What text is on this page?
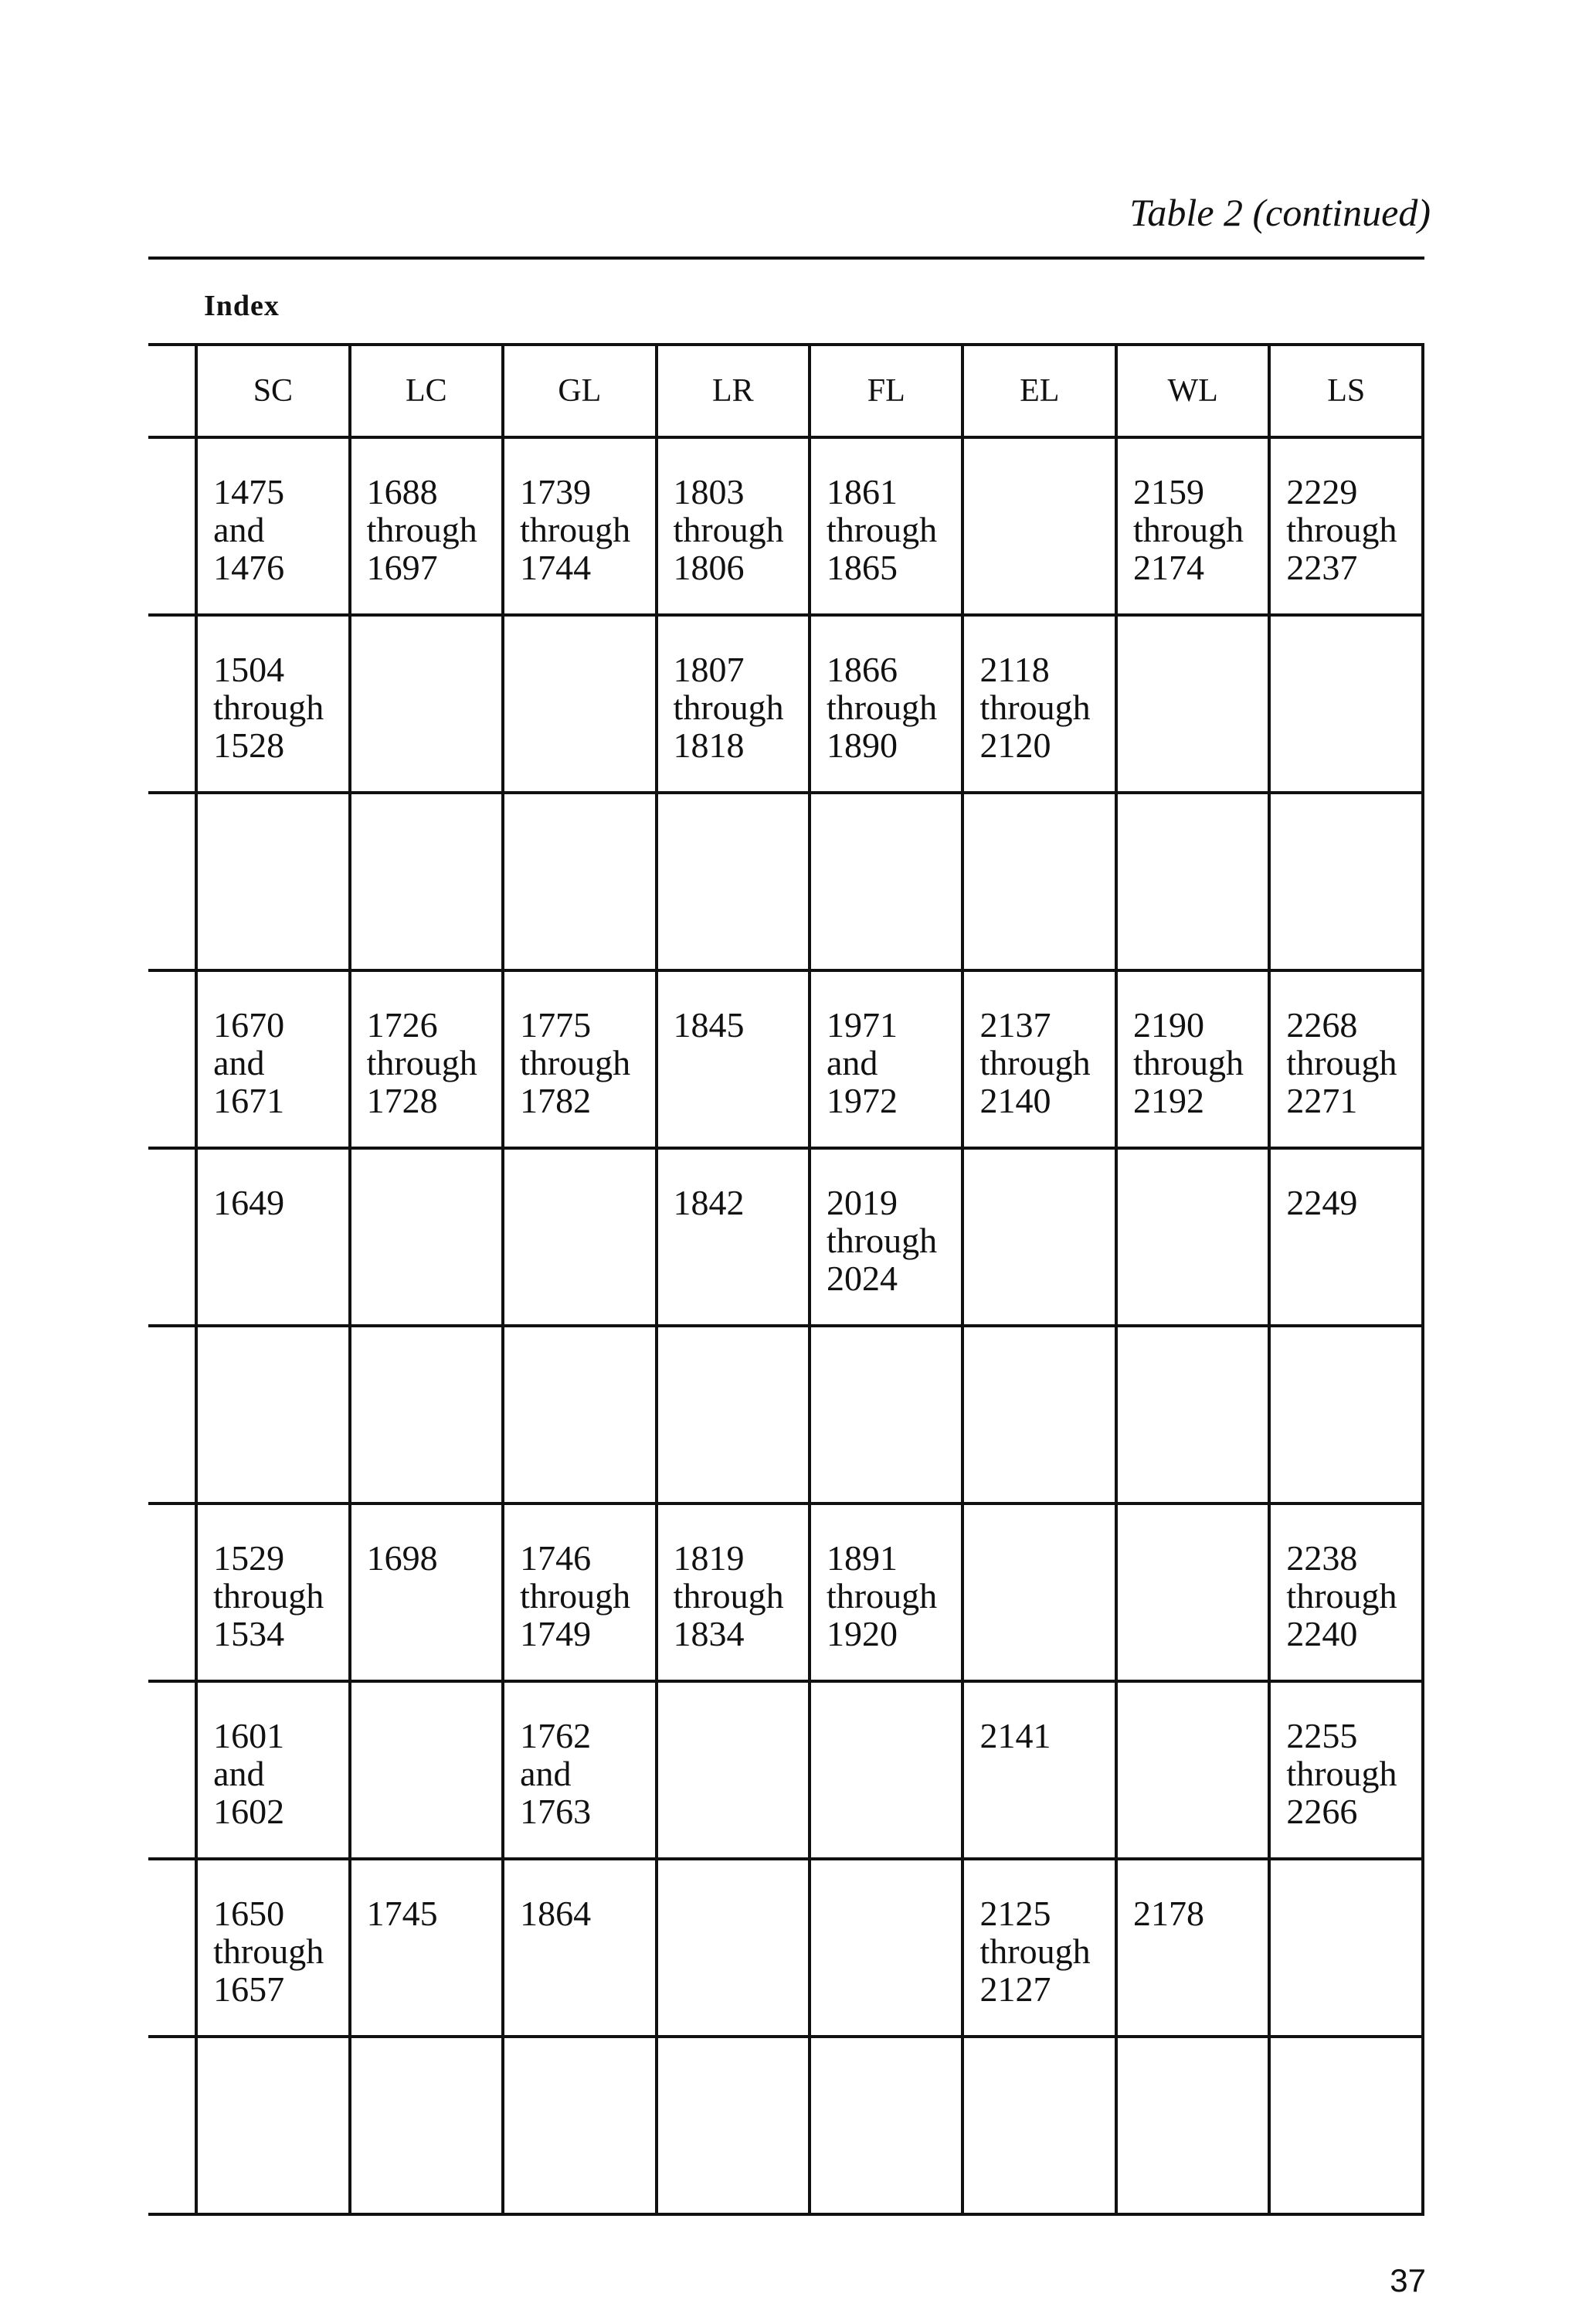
Table 2 (continued)
Index
	SC	LC	GL	LR	FL	EL	WL	LS

	1475
and
1476	1688
through
1697	1739
through
1744	1803
through
1806	1861
through
1865		2159
through
2174	2229
through
2237

	1504
through
1528			1807
through
1818	1866
through
1890	2118
through
2120		

	1670
and
1671	1726
through
1728	1775
through
1782	1845	1971
and
1972	2137
through
2140	2190
through
2192	2268
through
2271

	1649			1842	2019
through
2024			2249

	1529
through
1534	1698	1746
through
1749	1819
through
1834	1891
through
1920			2238
through
2240

	1601
and
1602		1762
and
1763			2141		2255
through
2266

	1650
through
1657	1745	1864			2125
through
2127	2178	

37
